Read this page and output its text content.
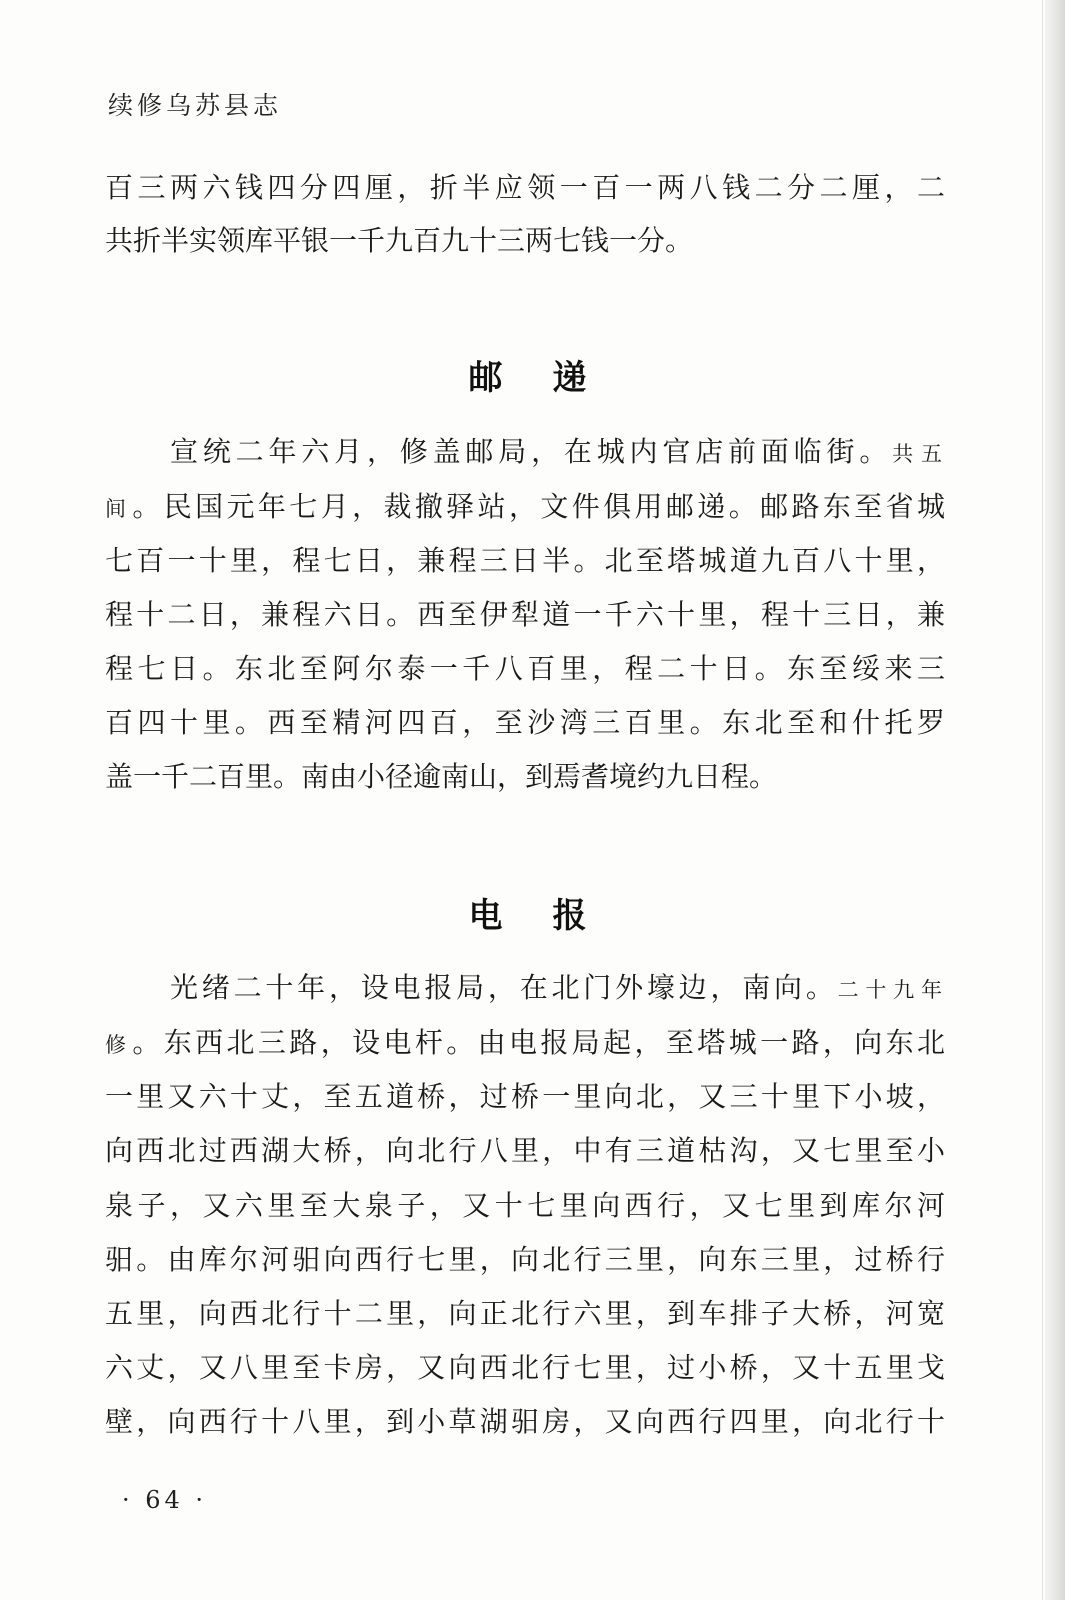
续修乌苏县志
百三两六钱四分四厘，折半应领一百一两八钱二分二厘，二
共折半实领库平银一千九百九十三两七钱一分。
邮递
宣统二年六月，修盖邮局，在城内官店前面临街。共五
间。民国元年七月，裁撤驿站，文件俱用邮递。邮路东至省城
七百一十里，程七日，兼程三日半。北至塔城道九百八十里，
程十二日，兼程六日。西至伊犁道一千六十里，程十三日，兼
程七日。东北至阿尔泰一千八百里，程二十日。东至绥来三
百四十里。西至精河四百，至沙湾三百里。东北至和什托罗
盖一千二百里。南由小径逾南山，到焉耆境约九日程。
电报
光绪二十年，设电报局，在北门外壕边，南向。二十九年
修。东西北三路，设电杆。由电报局起，至塔城一路，向东北
一里又六十丈，至五道桥，过桥一里向北，又三十里下小坡，
向西北过西湖大桥，向北行八里，中有三道枯沟，又七里至小
泉子，又六里至大泉子，又十七里向西行，又七里到库尔河
驲。由库尔河驲向西行七里，向北行三里，向东三里，过桥行
五里，向西北行十二里，向正北行六里，到车排子大桥，河宽
六丈，又八里至卡房，又向西北行七里，过小桥，又十五里戈
壁，向西行十八里，到小草湖驲房，又向西行四里，向北行十
· 64 ·
